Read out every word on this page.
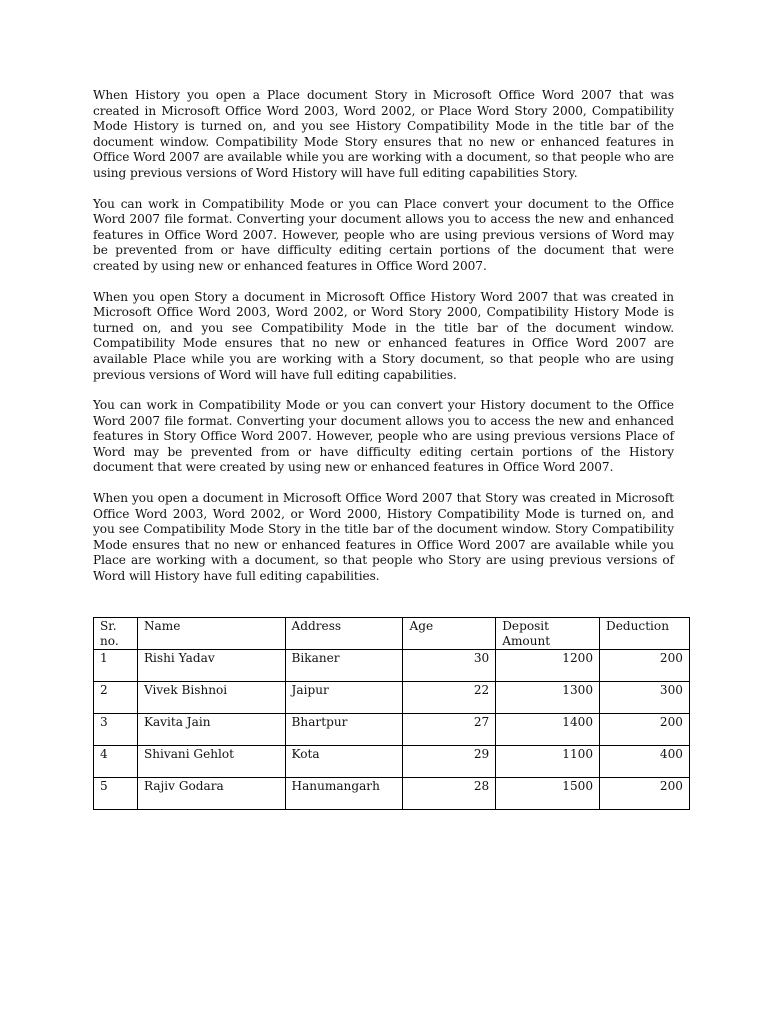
When History you open a Place document Story in Microsoft Office Word 2007 that was created in Microsoft Office Word 2003, Word 2002, or Place Word Story 2000, Compatibility Mode History is turned on, and you see History Compatibility Mode in the title bar of the document window. Compatibility Mode Story ensures that no new or enhanced features in Office Word 2007 are available while you are working with a document, so that people who are using previous versions of Word History will have full editing capabilities Story.

You can work in Compatibility Mode or you can Place convert your document to the Office Word 2007 file format. Converting your document allows you to access the new and enhanced features in Office Word 2007. However, people who are using previous versions of Word may be prevented from or have difficulty editing certain portions of the document that were created by using new or enhanced features in Office Word 2007.

When you open Story a document in Microsoft Office History Word 2007 that was created in Microsoft Office Word 2003, Word 2002, or Word Story 2000, Compatibility History Mode is turned on, and you see Compatibility Mode in the title bar of the document window. Compatibility Mode ensures that no new or enhanced features in Office Word 2007 are available Place while you are working with a Story document, so that people who are using previous versions of Word will have full editing capabilities.

You can work in Compatibility Mode or you can convert your History document to the Office Word 2007 file format. Converting your document allows you to access the new and enhanced features in Story Office Word 2007. However, people who are using previous versions Place of Word may be prevented from or have difficulty editing certain portions of the History document that were created by using new or enhanced features in Office Word 2007.

When you open a document in Microsoft Office Word 2007 that Story was created in Microsoft Office Word 2003, Word 2002, or Word 2000, History Compatibility Mode is turned on, and you see Compatibility Mode Story in the title bar of the document window. Story Compatibility Mode ensures that no new or enhanced features in Office Word 2007 are available while you Place are working with a document, so that people who Story are using previous versions of Word will History have full editing capabilities.

Sr. no.	Name	Address	Age	Deposit Amount	Deduction
1	Rishi Yadav	Bikaner	30	1200	200
2	Vivek Bishnoi	Jaipur	22	1300	300
3	Kavita Jain	Bhartpur	27	1400	200
4	Shivani Gehlot	Kota	29	1100	400
5	Rajiv Godara	Hanumangarh	28	1500	200
